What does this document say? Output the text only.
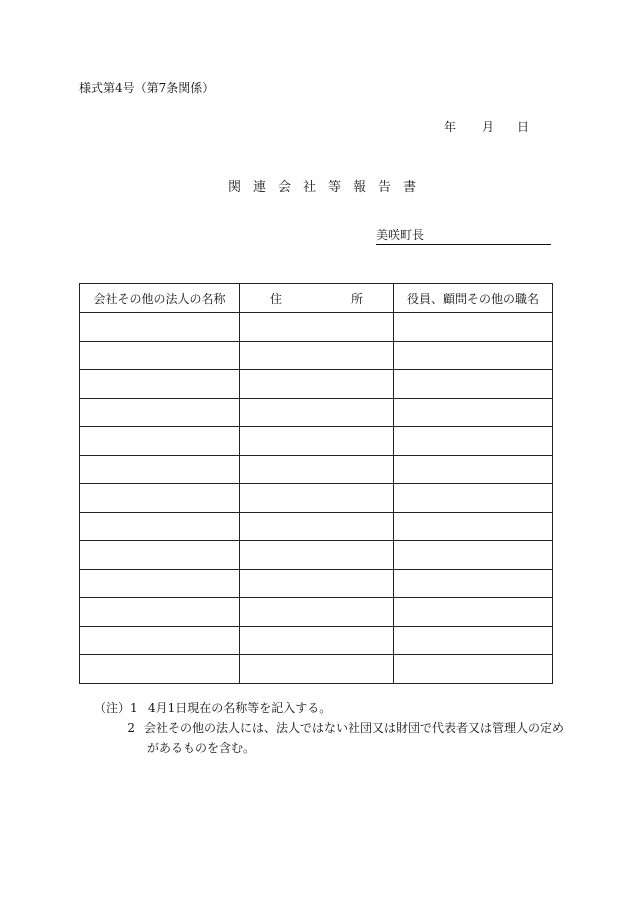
様式第4号（第7条関係）
年	月	日
関連会社等報告書
美咲町長
会社その他の法人の名称	住 所	役員、顧問その他の職名

（注） 1 4月1日現在の名称等を記入する。
2 会社その他の法人には、法人ではない社団又は財団で代表者又は管理人の定め
があるものを含む。
